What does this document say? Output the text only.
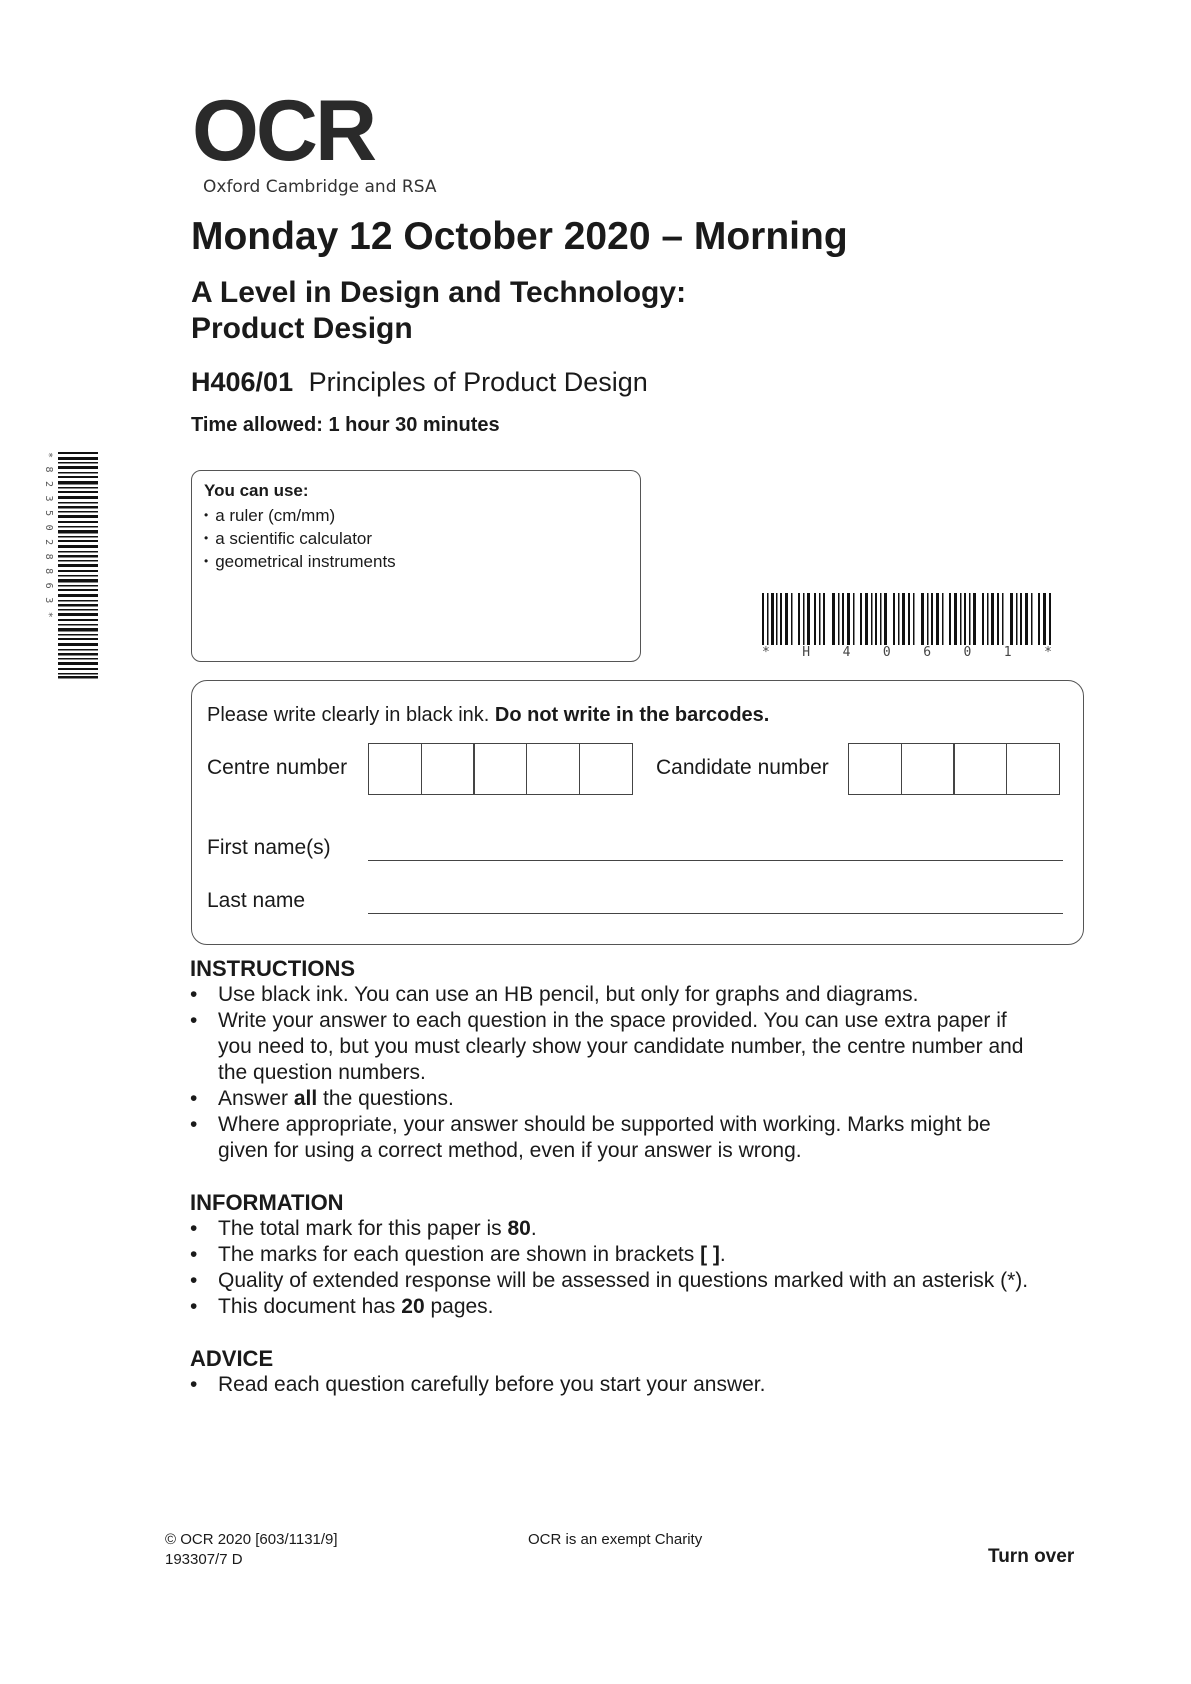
OCR
Oxford Cambridge and RSA
Monday 12 October 2020 – Morning
A Level in Design and Technology:
Product Design
H406/01 Principles of Product Design
Time allowed: 1 hour 30 minutes
*8235028863*	You can use:
• a ruler (cm/mm)
• a scientific calculator
• geometrical instruments
* H 4 0 6 0 1 *
Please write clearly in black ink. Do not write in the barcodes.
Centre number	Candidate number
First name(s)
Last name
INSTRUCTIONS
• Use black ink. You can use an HB pencil, but only for graphs and diagrams.
• Write your answer to each question in the space provided. You can use extra paper if
you need to, but you must clearly show your candidate number, the centre number and
the question numbers.
• Answer all the questions.
• Where appropriate, your answer should be supported with working. Marks might be
given for using a correct method, even if your answer is wrong.
INFORMATION
• The total mark for this paper is 80.
• The marks for each question are shown in brackets [ ].
• Quality of extended response will be assessed in questions marked with an asterisk (*).
• This document has 20 pages.
ADVICE
• Read each question carefully before you start your answer.
© OCR 2020 [603/1131/9]
193307/7 D
OCR is an exempt Charity
Turn over
